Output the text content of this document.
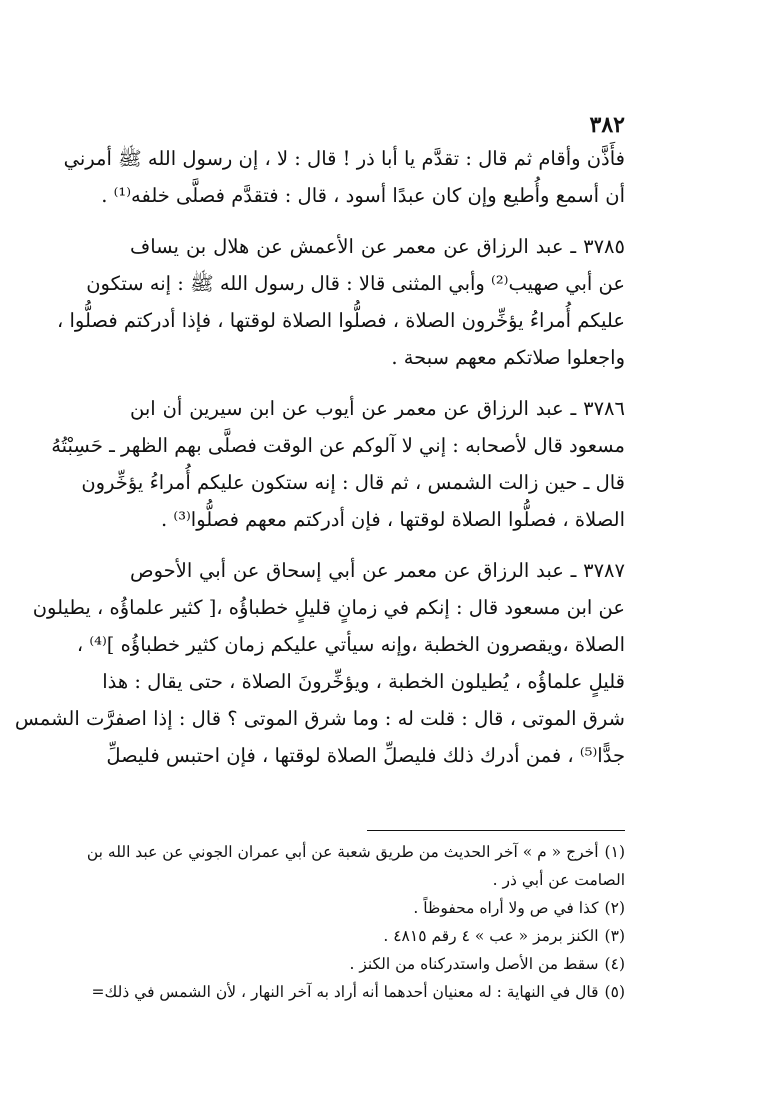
٣٨٢

فأَذَّن وأقام ثم قال : تقدَّم يا أبا ذر ! قال : لا ، إن رسول الله ﷺ أمرني
أن أسمع وأُطيع وإن كان عبدًا أسود ، قال : فتقدَّم فصلَّى خلفه⁽¹⁾ .

٣٧٨٥ ـ عبد الرزاق عن معمر عن الأعمش عن هلال بن يساف
عن أبي صهيب⁽²⁾ وأبي المثنى قالا : قال رسول الله ﷺ : إنه ستكون
عليكم أُمراءُ يؤخِّرون الصلاة ، فصلُّوا الصلاة لوقتها ، فإذا أدركتم فصلُّوا ،
واجعلوا صلاتكم معهم سبحة .

٣٧٨٦ ـ عبد الرزاق عن معمر عن أيوب عن ابن سيرين أن ابن
مسعود قال لأصحابه : إني لا آلوكم عن الوقت فصلَّى بهم الظهر ـ حَسِبْتُهُ
قال ـ حين زالت الشمس ، ثم قال : إنه ستكون عليكم أُمراءُ يؤخِّرون
الصلاة ، فصلُّوا الصلاة لوقتها ، فإن أدركتم معهم فصلُّوا⁽³⁾ .

٣٧٨٧ ـ عبد الرزاق عن معمر عن أبي إسحاق عن أبي الأحوص
عن ابن مسعود قال : إنكم في زمانٍ قليلٍ خطباؤُه ،[ كثير علماؤُه ، يطيلون
الصلاة ،ويقصرون الخطبة ،وإنه سيأتي عليكم زمان كثير خطباؤُه ]⁽⁴⁾ ،
قليلٍ علماؤُه ، يُطيلون الخطبة ، ويؤخِّرونَ الصلاة ، حتى يقال : هذا
شرق الموتى ، قال : قلت له : وما شرق الموتى ؟ قال : إذا اصفرَّت الشمس
جدًّا⁽⁵⁾ ، فمن أدرك ذلك فليصلِّ الصلاة لوقتها ، فإن احتبس فليصلِّ

(١)أخرج « م » آخر الحديث من طريق شعبة عن أبي عمران الجوني عن عبد الله بن
الصامت عن أبي ذر .
(٢)كذا في ص ولا أراه محفوظاً .
(٣)الكنز برمز « عب » ٤ رقم ٤٨١٥ .
(٤)سقط من الأصل واستدركناه من الكنز .
(٥)قال في النهاية : له معنيان أحدهما أنه أراد به آخر النهار ، لأن الشمس في ذلك=
